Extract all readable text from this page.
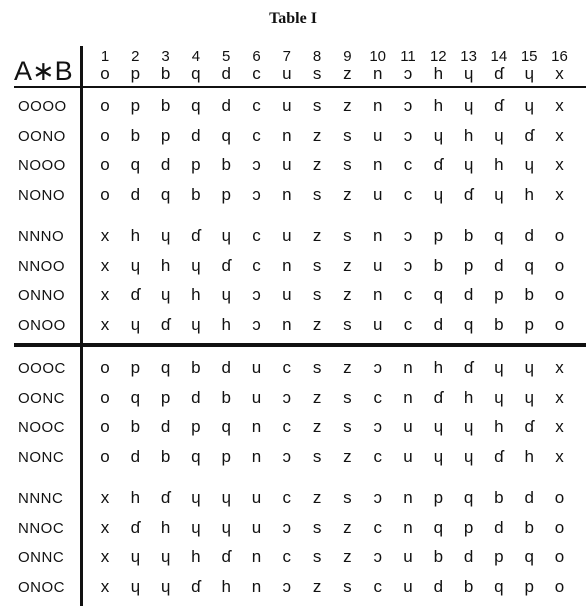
Table I
A∗B	1	2	3	4	5	6	7	8	9	10 11 12 13 14 15 16
o	p	b	q	d	c	u	s	z	n	ɔ	h	ɥ	ɗ	ɥ	x
OOOO	o	p	b	q	d	c	u	s	z	n	ɔ	h	ɥ	ɗ	ɥ	x
OONO	o	b	p	d	q	c	n	z	s	u	ɔ	ɥ	h	ɥ	ɗ	x
NOOO	o	q	d	p	b	ɔ	u	z	s	n	c	ɗ	ɥ	h	ɥ	x
NONO	o	d	q	b	p	ɔ	n	s	z	u	c	ɥ	ɗ	ɥ	h	x
NNNO	x	h	ɥ	ɗ	ɥ	c	u	z	s	n	ɔ	p	b	q	d	o
NNOO	x	ɥ	h	ɥ	ɗ	c	n	s	z	u	ɔ	b	p	d	q	o
ONNO	x	ɗ	ɥ	h	ɥ	ɔ	u	s	z	n	c	q	d	p	b	o
ONOO	x	ɥ	ɗ	ɥ	h	ɔ	n	z	s	u	c	d	q	b	p	o
OOOC	o	p	q	b	d	u	c	s	z	ɔ	n	h	ɗ	ɥ	ɥ	x
OONC	o	q	p	d	b	u	ɔ	z	s	c	n	ɗ	h	ɥ	ɥ	x
NOOC	o	b	d	p	q	n	c	z	s	ɔ	u	ɥ	ɥ	h	ɗ	x
NONC	o	d	b	q	p	n	ɔ	s	z	c	u	ɥ	ɥ	ɗ	h	x
NNNC	x	h	ɗ	ɥ	ɥ	u	c	z	s	ɔ	n	p	q	b	d	o
NNOC	x	ɗ	h	ɥ	ɥ	u	ɔ	s	z	c	n	q	p	d	b	o
ONNC	x	ɥ	ɥ	h	ɗ	n	c	s	z	ɔ	u	b	d	p	q	o
ONOC	x	ɥ	ɥ	ɗ	h	n	ɔ	z	s	c	u	d	b	q	p	o
